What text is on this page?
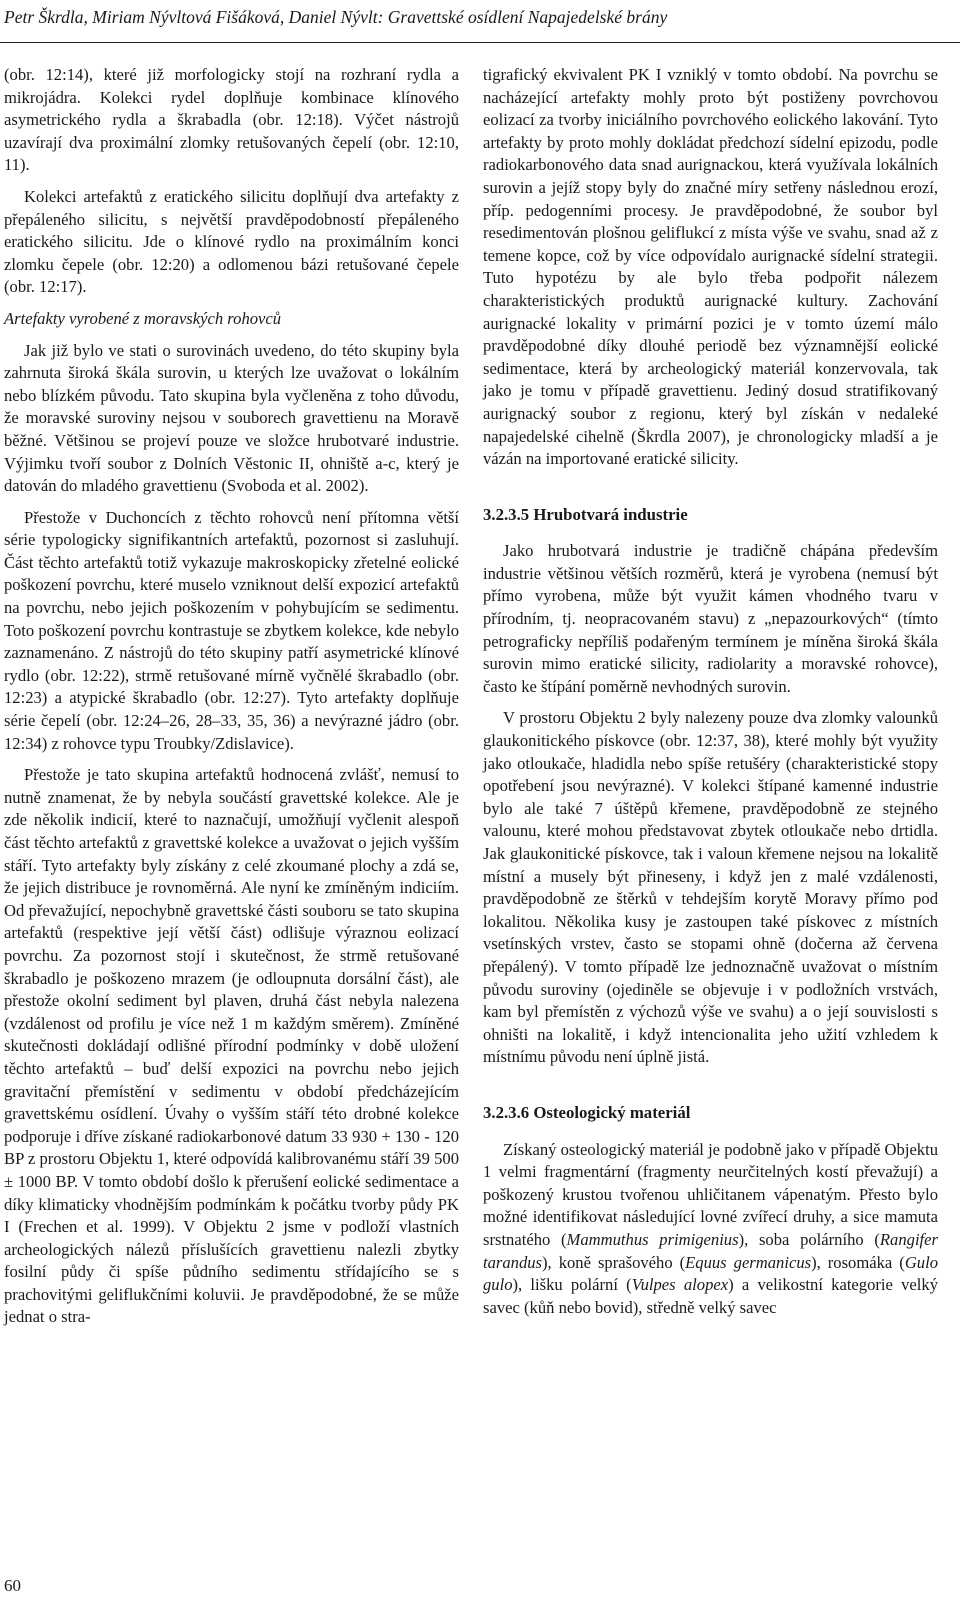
Petr Škrdla, Miriam Nývltová Fišáková, Daniel Nývlt: Gravettské osídlení Napajedelské brány

(obr. 12:14), které již morfologicky stojí na rozhraní rydla a mikrojádra. Kolekci rydel doplňuje kombinace klínového asymetrického rydla a škrabadla (obr. 12:18). Výčet nástrojů uzavírají dva proximální zlomky retušovaných čepelí (obr. 12:10, 11).

Kolekci artefaktů z eratického silicitu doplňují dva artefakty z přepáleného silicitu, s největší pravděpodobností přepáleného eratického silicitu. Jde o klínové rydlo na proximálním konci zlomku čepele (obr. 12:20) a odlomenou bázi retušované čepele (obr. 12:17).

Artefakty vyrobené z moravských rohovců

Jak již bylo ve stati o surovinách uvedeno, do této skupiny byla zahrnuta široká škála surovin, u kterých lze uvažovat o lokálním nebo blízkém původu. Tato skupina byla vyčleněna z toho důvodu, že moravské suroviny nejsou v souborech gravettienu na Moravě běžné. Většinou se projeví pouze ve složce hrubotvaré industrie. Výjimku tvoří soubor z Dolních Věstonic II, ohniště a-c, který je datován do mladého gravettienu (Svoboda et al. 2002).

Přestože v Duchoncích z těchto rohovců není přítomna větší série typologicky signifikantních artefaktů, pozornost si zasluhují. Část těchto artefaktů totiž vykazuje makroskopicky zřetelné eolické poškození povrchu, které muselo vzniknout delší expozicí artefaktů na povrchu, nebo jejich poškozením v pohybujícím se sedimentu. Toto poškození povrchu kontrastuje se zbytkem kolekce, kde nebylo zaznamenáno. Z nástrojů do této skupiny patří asymetrické klínové rydlo (obr. 12:22), strmě retušované mírně vyčnělé škrabadlo (obr. 12:23) a atypické škrabadlo (obr. 12:27). Tyto artefakty doplňuje série čepelí (obr. 12:24–26, 28–33, 35, 36) a nevýrazné jádro (obr. 12:34) z rohovce typu Troubky/Zdislavice).

Přestože je tato skupina artefaktů hodnocená zvlášť, nemusí to nutně znamenat, že by nebyla součástí gravettské kolekce. Ale je zde několik indicií, které to naznačují, umožňují vyčlenit alespoň část těchto artefaktů z gravettské kolekce a uvažovat o jejich vyšším stáří. Tyto artefakty byly získány z celé zkoumané plochy a zdá se, že jejich distribuce je rovnoměrná. Ale nyní ke zmíněným indiciím. Od převažující, nepochybně gravettské části souboru se tato skupina artefaktů (respektive její větší část) odlišuje výraznou eolizací povrchu. Za pozornost stojí i skutečnost, že strmě retušované škrabadlo je poškozeno mrazem (je odloupnuta dorsální část), ale přestože okolní sediment byl plaven, druhá část nebyla nalezena (vzdálenost od profilu je více než 1 m každým směrem). Zmíněné skutečnosti dokládají odlišné přírodní podmínky v době uložení těchto artefaktů – buď delší expozici na povrchu nebo jejich gravitační přemístění v sedimentu v období předcházejícím gravettskému osídlení. Úvahy o vyšším stáří této drobné kolekce podporuje i dříve získané radiokarbonové datum 33 930 + 130 - 120 BP z prostoru Objektu 1, které odpovídá kalibrovanému stáří 39 500 ± 1000 BP. V tomto období došlo k přerušení eolické sedimentace a díky klimaticky vhodnějším podmínkám k počátku tvorby půdy PK I (Frechen et al. 1999). V Objektu 2 jsme v podloží vlastních archeologických nálezů příslušících gravettienu nalezli zbytky fosilní půdy či spíše půdního sedimentu střídajícího se s prachovitými geliflukčními koluvii. Je pravděpodobné, že se může jednat o stra-

tigrafický ekvivalent PK I vzniklý v tomto období. Na povrchu se nacházející artefakty mohly proto být postiženy povrchovou eolizací za tvorby iniciálního povrchového eolického lakování. Tyto artefakty by proto mohly dokládat předchozí sídelní epizodu, podle radiokarbonového data snad aurignackou, která využívala lokálních surovin a jejíž stopy byly do značné míry setřeny následnou erozí, příp. pedogenními procesy. Je pravděpodobné, že soubor byl resedimentován plošnou geliflukcí z místa výše ve svahu, snad až z temene kopce, což by více odpovídalo aurignacké sídelní strategii. Tuto hypotézu by ale bylo třeba podpořit nálezem charakteristických produktů aurignacké kultury. Zachování aurignacké lokality v primární pozici je v tomto území málo pravděpodobné díky dlouhé periodě bez významnější eolické sedimentace, která by archeologický materiál konzervovala, tak jako je tomu v případě gravettienu. Jediný dosud stratifikovaný aurignacký soubor z regionu, který byl získán v nedaleké napajedelské cihelně (Škrdla 2007), je chronologicky mladší a je vázán na importované eratické silicity.

3.2.3.5 Hrubotvará industrie

Jako hrubotvará industrie je tradičně chápána především industrie většinou větších rozměrů, která je vyrobena (nemusí být přímo vyrobena, může být využit kámen vhodného tvaru v přírodním, tj. neopracovaném stavu) z „nepazourkových“ (tímto petrograficky nepříliš podařeným termínem je míněna široká škála surovin mimo eratické silicity, radiolarity a moravské rohovce), často ke štípání poměrně nevhodných surovin.

V prostoru Objektu 2 byly nalezeny pouze dva zlomky valounků glaukonitického pískovce (obr. 12:37, 38), které mohly být využity jako otloukače, hladidla nebo spíše retušéry (charakteristické stopy opotřebení jsou nevýrazné). V kolekci štípané kamenné industrie bylo ale také 7 úštěpů křemene, pravděpodobně ze stejného valounu, které mohou představovat zbytek otloukače nebo drtidla. Jak glaukonitické pískovce, tak i valoun křemene nejsou na lokalitě místní a musely být přineseny, i když jen z malé vzdálenosti, pravděpodobně ze štěrků v tehdejším korytě Moravy přímo pod lokalitou. Několika kusy je zastoupen také pískovec z místních vsetínských vrstev, často se stopami ohně (dočerna až červena přepálený). V tomto případě lze jednoznačně uvažovat o místním původu suroviny (ojediněle se objevuje i v podložních vrstvách, kam byl přemístěn z výchozů výše ve svahu) a o její souvislosti s ohništi na lokalitě, i když intencionalita jeho užití vzhledem k místnímu původu není úplně jistá.

3.2.3.6 Osteologický materiál

Získaný osteologický materiál je podobně jako v případě Objektu 1 velmi fragmentární (fragmenty neurčitelných kostí převažují) a poškozený krustou tvořenou uhličitanem vápenatým. Přesto bylo možné identifikovat následující lovné zvířecí druhy, a sice mamuta srstnatého (Mammuthus primigenius), soba polárního (Rangifer tarandus), koně sprašového (Equus germanicus), rosomáka (Gulo gulo), lišku polární (Vulpes alopex) a velikostní kategorie velký savec (kůň nebo bovid), středně velký savec

60
